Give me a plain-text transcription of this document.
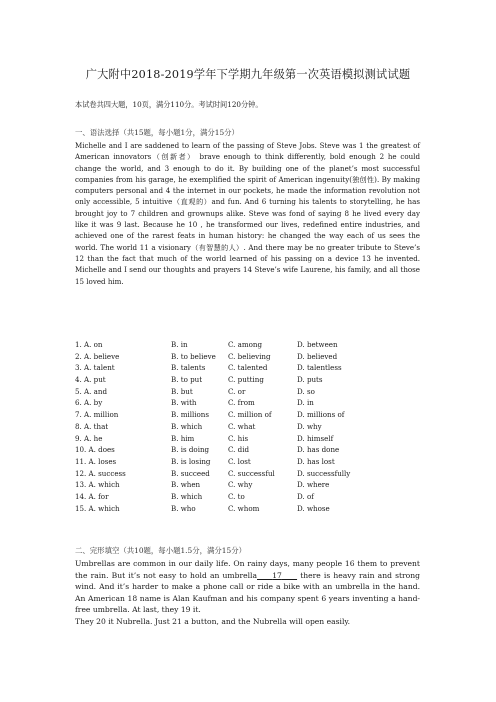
广大附中2018-2019学年下学期九年级第一次英语模拟测试试题
本试卷共四大题，10页，满分110分。考试时间120分钟。
一、语法选择（共15题，每小题1分，满分15分）

Michelle and I are saddened to learn of the passing of Steve Jobs. Steve was 1 the greatest of American innovators（创新者） brave enough to think differently, bold enough 2 he could change the world, and 3 enough to do it. By building one of the planet’s most successful companies from his garage, he exemplified the spirit of American ingenuity(独创性). By making computers personal and 4 the internet in our pockets, he made the information revolution not only accessible, 5 intuitive（直观的）and fun. And 6 turning his talents to storytelling, he has brought joy to 7 children and grownups alike. Steve was fond of saying 8 he lived every day like it was 9 last. Because he 10 , he transformed our lives, redefined entire industries, and achieved one of the rarest feats in human history: he changed the way each of us sees the world. The world 11 a visionary（有智慧的人）. And there may be no greater tribute to Steve’s 12 than the fact that much of the world learned of his passing on a device 13 he invented. Michelle and I send our thoughts and prayers 14 Steve’s wife Laurene, his family, and all those 15 loved him.

1. A. on	B. in	C. among	D. between
2. A. believe	B. to believe C. believing	D. believed
3. A. talent	B. talents	C. talented	D. talentless
4. A. put	B. to put	C. putting	D. puts
5. A. and	B. but	C. or	D. so
6. A. by	B. with	C. from	D. in
7. A. million	B. millions	C. million of	D. millions of
8. A. that	B. which	C. what	D. why
9. A. he	B. him	C. his	D. himself
10. A. does	B. is doing	C. did	D. has done
11. A. loses	B. is losing C. lost	D. has lost
12. A. success	B. succeed	C. successful	D. successfully
13. A. which	B. when	C. why	D. where
14. A. for	B. which	C. to	D. of
15. A. which	B. who	C. whom	D. whose
二、完形填空（共10题，每小题1.5分，满分15分）

Umbrellas are common in our daily life. On rainy days, many people 16 them to prevent the rain. But it’s not easy to hold an umbrella____17____ there is heavy rain and strong wind. And it’s harder to make a phone call or ride a bike with an umbrella in the hand. An American 18 name is Alan Kaufman and his company spent 6 years inventing a hand-free umbrella. At last, they 19 it.
They 20 it Nubrella. Just 21 a button, and the Nubrella will open easily.
